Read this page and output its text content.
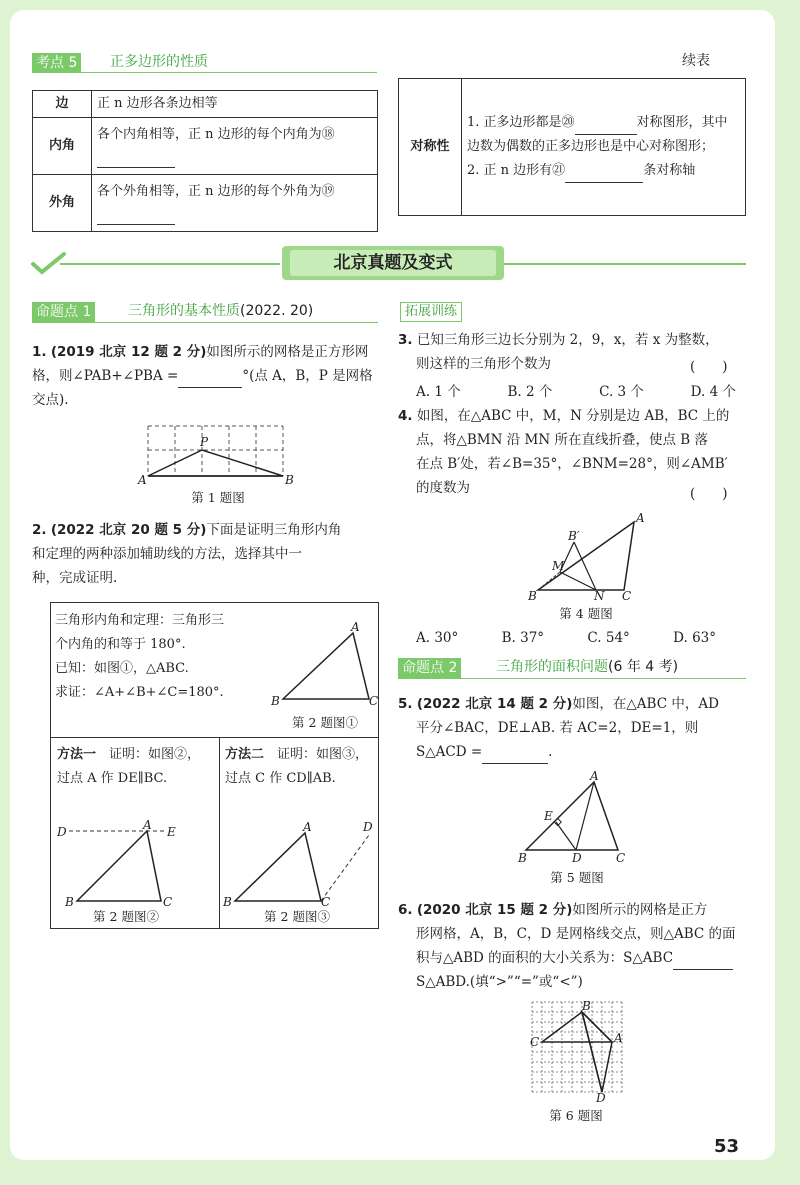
考点 5 正多边形的性质	续表
边	正 n 边形各条边相等
内角	各个内角相等，正 n 边形的每个内角为⑱
外角	各个外角相等，正 n 边形的每个外角为⑲
对称性	1. 正多边形都是⑳	对称图形，其中边数为偶数的正多边形也是中心对称图形；
2. 正 n 边形有㉑	条对称轴
北京真题及变式
命题点 1	三角形的基本性质(2022. 20)
1. (2019 北京 12 题 2 分)如图所示的网格是正方形网格，则∠PAB+∠PBA =	°(点 A，B，P 是网格交点).
A
P
B
第 1 题图
2. (2022 北京 20 题 5 分)下面是证明三角形内角
和定理的两种添加辅助线的方法，选择其中一
种，完成证明.
三角形内角和定理：三角形三
个内角的和等于 180°.
已知：如图①，△ABC.
求证：∠A+∠B+∠C=180°.
A
B	C
第 2 题图①
方法一　 证明：如图②，
过点 A 作 DE∥BC.
D	A E
B	C
第 2 题图②
方法二　 证明：如图③，
过点 C 作 CD∥AB.
A
B	C
D
第 2 题图③
拓展训练
3. 已知三角形三边长分别为 2，9，x，若 x 为整数，
则这样的三角形个数为	(　　)
A. 1 个	B. 2 个	C. 3 个	D. 4 个
4. 如图，在△ABC 中，M，N 分别是边 AB，BC 上的
点，将△BMN 沿 MN 所在直线折叠，使点 B 落
在点 B′处，若∠B=35°，∠BNM=28°，则∠AMB′
的度数为	(　　)
A
B′
M
B	N C
第 4 题图
A. 30°	B. 37°	C. 54°	D. 63°
命题点 2	三角形的面积问题(6 年 4 考)
5. (2022 北京 14 题 2 分)如图，在△ABC 中，AD
平分∠BAC，DE⊥AB. 若 AC=2，DE=1，则
S△ACD =	.
A
E
B	D	C
第 5 题图
6. (2020 北京 15 题 2 分)如图所示的网格是正方
形网格，A，B，C，D 是网格线交点，则△ABC 的面
积与△ABD 的面积的大小关系为：S△ABC
S△ABD.(填“>”“=”或“<”)
B
C	A
D
第 6 题图
53
